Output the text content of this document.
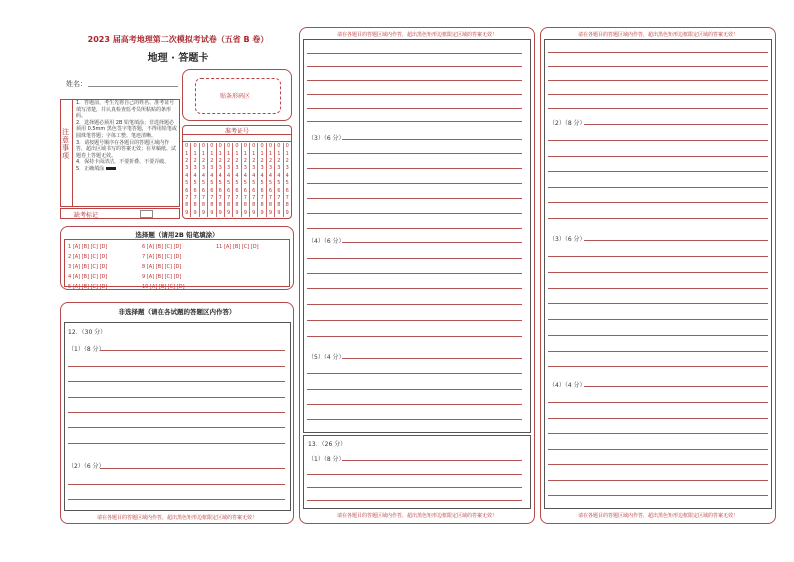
2023 届高考地理第二次模拟考试卷（五省 B 卷）
地理 · 答题卡
姓名：
贴条形码区
注意事项
1．答题前，考生先将自己的姓名、准考证号填写清楚，并认真检查监考员所粘贴的条形码。
2．选择题必须用 2B 铅笔填涂；非选择题必须用 0.5mm 黑色签字笔答题，不得用铅笔或圆珠笔答题；字体工整、笔迹清晰。
3．请按题号顺序在各题目的答题区域内作答，超出区域书写的答案无效；在草稿纸、试题卷上答题无效。
4．保持卡面清洁，不要折叠、不要弄破。
5．正确填涂
准考证号
0	0	0	0	0	0	0	0	0	0	0	0	0
1	1	1	1	1	1	1	1	1	1	1	1	1
2	2	2	2	2	2	2	2	2	2	2	2	2
3	3	3	3	3	3	3	3	3	3	3	3	3
4	4	4	4	4	4	4	4	4	4	4	4	4
5	5	5	5	5	5	5	5	5	5	5	5	5
6	6	6	6	6	6	6	6	6	6	6	6	6
7	7	7	7	7	7	7	7	7	7	7	7	7
8	8	8	8	8	8	8	8	8	8	8	8	8
9	9	9	9	9	9	9	9	9	9	9	9	9
缺考标记
选择题（请用2B 铅笔填涂）
1 [A] [B] [C] [D]
2 [A] [B] [C] [D]
3 [A] [B] [C] [D]
4 [A] [B] [C] [D]
5 [A] [B] [C] [D]
6 [A] [B] [C] [D]
7 [A] [B] [C] [D]
8 [A] [B] [C] [D]
9 [A] [B] [C] [D]
10 [A] [B] [C] [D]
11 [A] [B] [C] [D]
非选择题（请在各试题的答题区内作答）
12．（30 分）
（1）（8 分）
（2）（6 分）
请在各题目的答题区域内作答，超出黑色矩形边框限定区域的答案无效！
请在各题目的答题区域内作答，超出黑色矩形边框限定区域的答案无效！
（3）（6 分）
（4）（6 分）
（5）（4 分）
13．（26 分）
（1）（8 分）
请在各题目的答题区域内作答，超出黑色矩形边框限定区域的答案无效！
请在各题目的答题区域内作答，超出黑色矩形边框限定区域的答案无效！
（2）（8 分）
（3）（6 分）
（4）（4 分）
请在各题目的答题区域内作答，超出黑色矩形边框限定区域的答案无效！
